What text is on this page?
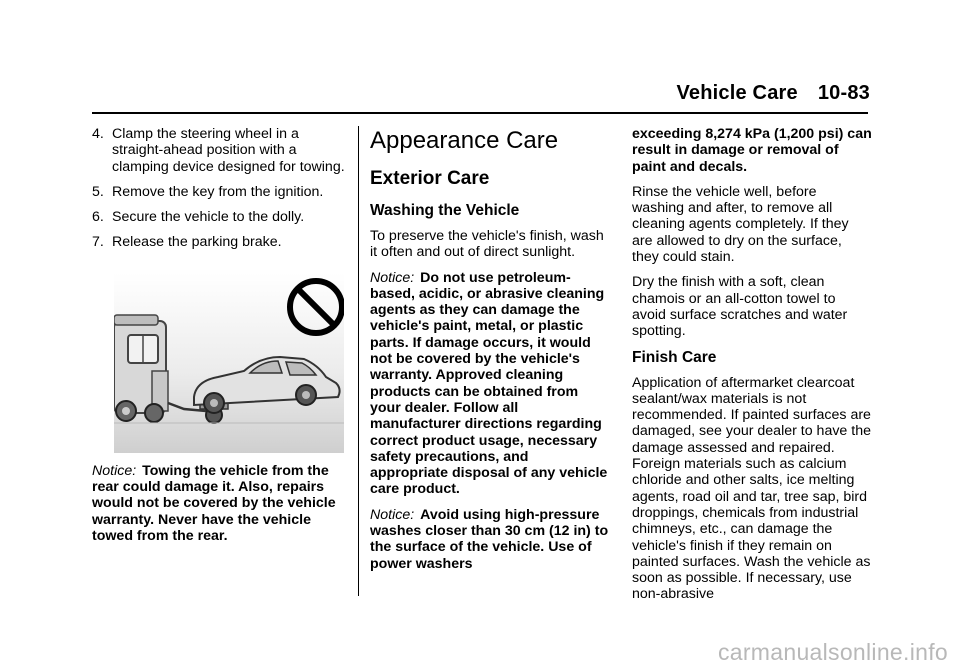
Vehicle Care 10-83
4. Clamp the steering wheel in a straight-ahead position with a clamping device designed for towing.
5. Remove the key from the ignition.
6. Secure the vehicle to the dolly.
7. Release the parking brake.
Notice: Towing the vehicle from the rear could damage it. Also, repairs would not be covered by the vehicle warranty. Never have the vehicle towed from the rear.
Appearance Care
Exterior Care
Washing the Vehicle

To preserve the vehicle's finish, wash it often and out of direct sunlight.

Notice: Do not use petroleum-based, acidic, or abrasive cleaning agents as they can damage the vehicle's paint, metal, or plastic parts. If damage occurs, it would not be covered by the vehicle's warranty. Approved cleaning products can be obtained from your dealer. Follow all manufacturer directions regarding correct product usage, necessary safety precautions, and appropriate disposal of any vehicle care product.
Notice: Avoid using high-pressure washes closer than 30 cm (12 in) to the surface of the vehicle. Use of power washers

exceeding 8,274 kPa (1,200 psi) can result in damage or removal of paint and decals.

Rinse the vehicle well, before washing and after, to remove all cleaning agents completely. If they are allowed to dry on the surface, they could stain.

Dry the finish with a soft, clean chamois or an all-cotton towel to avoid surface scratches and water spotting.

Finish Care

Application of aftermarket clearcoat sealant/wax materials is not recommended. If painted surfaces are damaged, see your dealer to have the damage assessed and repaired. Foreign materials such as calcium chloride and other salts, ice melting agents, road oil and tar, tree sap, bird droppings, chemicals from industrial chimneys, etc., can damage the vehicle's finish if they remain on painted surfaces. Wash the vehicle as soon as possible. If necessary, use non-abrasive

carmanualsonline.info
